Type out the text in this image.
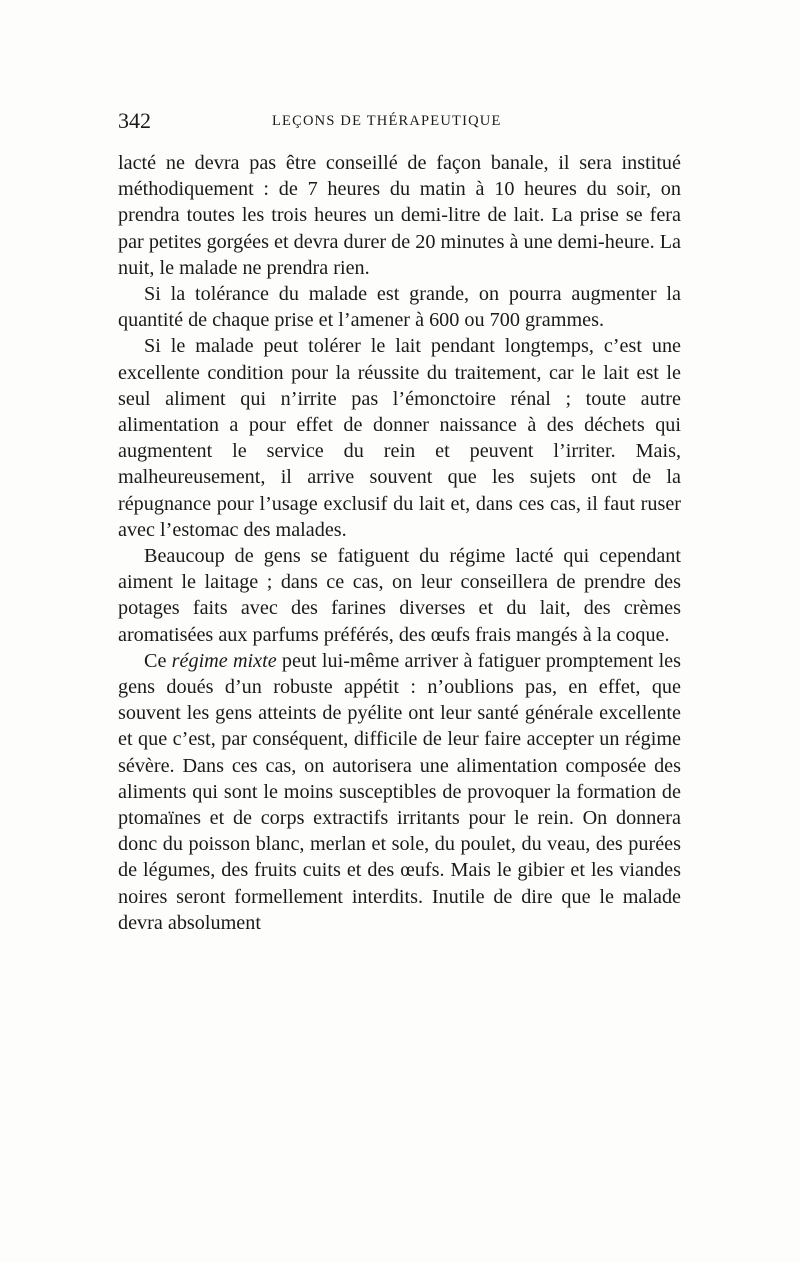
342	LEÇONS DE THÉRAPEUTIQUE

lacté ne devra pas être conseillé de façon banale, il sera institué méthodiquement : de 7 heures du matin à 10 heures du soir, on prendra toutes les trois heures un demi-litre de lait. La prise se fera par petites gorgées et devra durer de 20 minutes à une demi-heure. La nuit, le malade ne prendra rien.

Si la tolérance du malade est grande, on pourra augmenter la quantité de chaque prise et l’amener à 600 ou 700 grammes.

Si le malade peut tolérer le lait pendant longtemps, c’est une excellente condition pour la réussite du traitement, car le lait est le seul aliment qui n’irrite pas l’émonctoire rénal ; toute autre alimentation a pour effet de donner naissance à des déchets qui augmentent le service du rein et peuvent l’irriter. Mais, malheureusement, il arrive souvent que les sujets ont de la répugnance pour l’usage exclusif du lait et, dans ces cas, il faut ruser avec l’estomac des malades.

Beaucoup de gens se fatiguent du régime lacté qui cependant aiment le laitage ; dans ce cas, on leur conseillera de prendre des potages faits avec des farines diverses et du lait, des crèmes aromatisées aux parfums préférés, des œufs frais mangés à la coque.

Ce régime mixte peut lui-même arriver à fatiguer promptement les gens doués d’un robuste appétit : n’oublions pas, en effet, que souvent les gens atteints de pyélite ont leur santé générale excellente et que c’est, par conséquent, difficile de leur faire accepter un régime sévère. Dans ces cas, on autorisera une alimentation composée des aliments qui sont le moins susceptibles de provoquer la formation de ptomaïnes et de corps extractifs irritants pour le rein. On donnera donc du poisson blanc, merlan et sole, du poulet, du veau, des purées de légumes, des fruits cuits et des œufs. Mais le gibier et les viandes noires seront formellement interdits. Inutile de dire que le malade devra absolument
